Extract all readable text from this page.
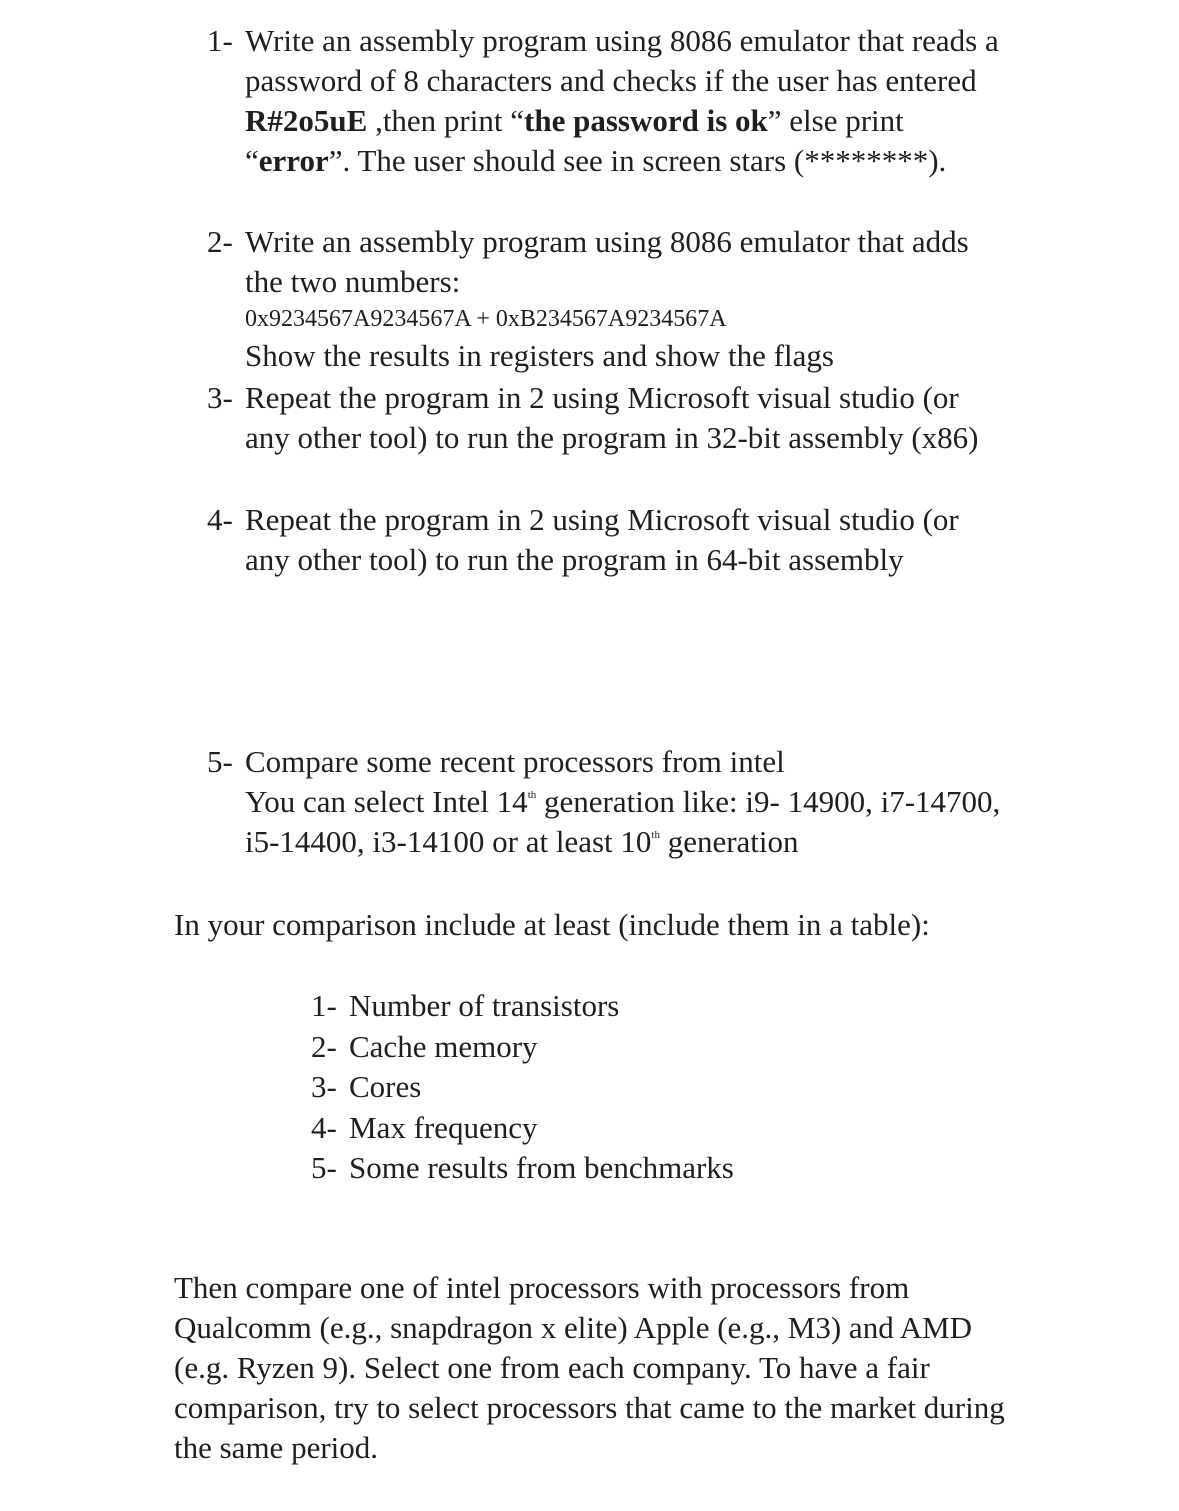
1- Write an assembly program using 8086 emulator that reads a password of 8 characters and checks if the user has entered R#2o5uE ,then print “the password is ok” else print “error”. The user should see in screen stars (********).
2- Write an assembly program using 8086 emulator that adds the two numbers:
0x9234567A9234567A + 0xB234567A9234567A
Show the results in registers and show the flags
3- Repeat the program in 2 using Microsoft visual studio (or any other tool) to run the program in 32-bit assembly (x86)
4- Repeat the program in 2 using Microsoft visual studio (or any other tool) to run the program in 64-bit assembly
5- Compare some recent processors from intel
You can select Intel 14th generation like: i9- 14900, i7-14700, i5-14400, i3-14100 or at least 10th generation
In your comparison include at least (include them in a table):
1- Number of transistors
2- Cache memory
3- Cores
4- Max frequency
5- Some results from benchmarks
Then compare one of intel processors with processors from Qualcomm (e.g., snapdragon x elite) Apple (e.g., M3) and AMD (e.g. Ryzen 9). Select one from each company. To have a fair comparison, try to select processors that came to the market during the same period.
